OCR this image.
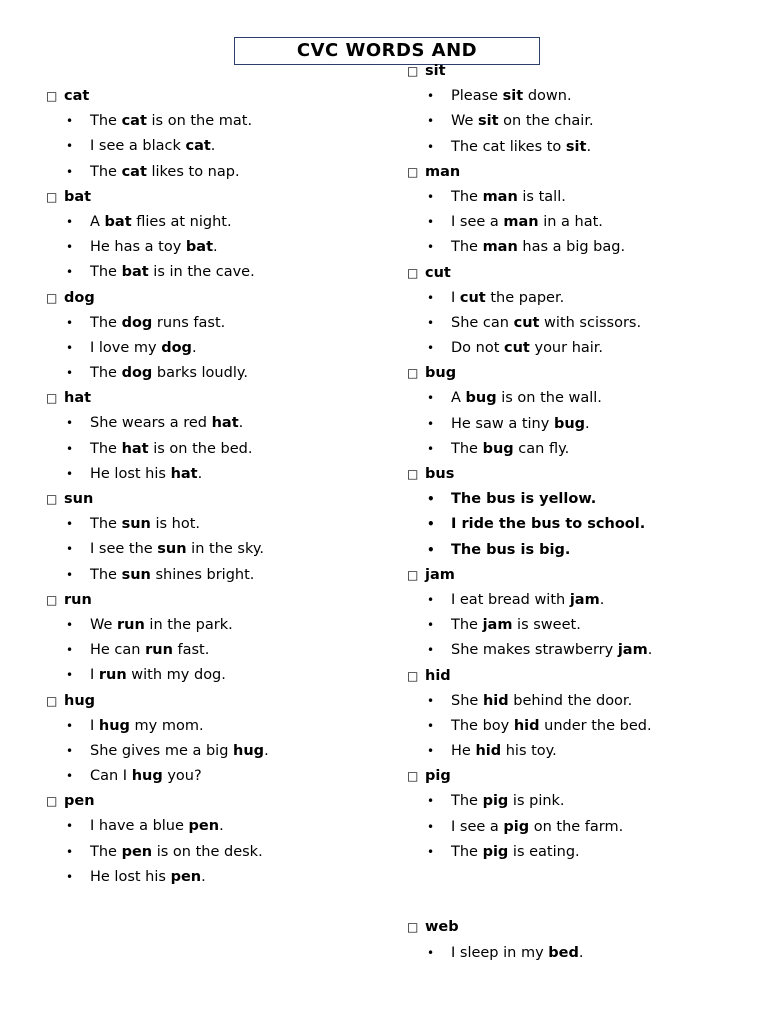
CVC WORDS AND
□ cat
• The cat is on the mat.
• I see a black cat.
• The cat likes to nap.
□ bat
• A bat flies at night.
• He has a toy bat.
• The bat is in the cave.
□ dog
• The dog runs fast.
• I love my dog.
• The dog barks loudly.
□ hat
• She wears a red hat.
• The hat is on the bed.
• He lost his hat.
□ sun
• The sun is hot.
• I see the sun in the sky.
• The sun shines bright.
□ run
• We run in the park.
• He can run fast.
• I run with my dog.
□ hug
• I hug my mom.
• She gives me a big hug.
• Can I hug you?
□ pen
• I have a blue pen.
• The pen is on the desk.
• He lost his pen.
□ sit
• Please sit down.
• We sit on the chair.
• The cat likes to sit.
□ man
• The man is tall.
• I see a man in a hat.
• The man has a big bag.
□ cut
• I cut the paper.
• She can cut with scissors.
• Do not cut your hair.
□ bug
• A bug is on the wall.
• He saw a tiny bug.
• The bug can fly.
□ bus
• The bus is yellow.
• I ride the bus to school.
• The bus is big.
□ jam
• I eat bread with jam.
• The jam is sweet.
• She makes strawberry jam.
□ hid
• She hid behind the door.
• The boy hid under the bed.
• He hid his toy.
□ pig
• The pig is pink.
• I see a pig on the farm.
• The pig is eating.
□ web
• I sleep in my bed.
